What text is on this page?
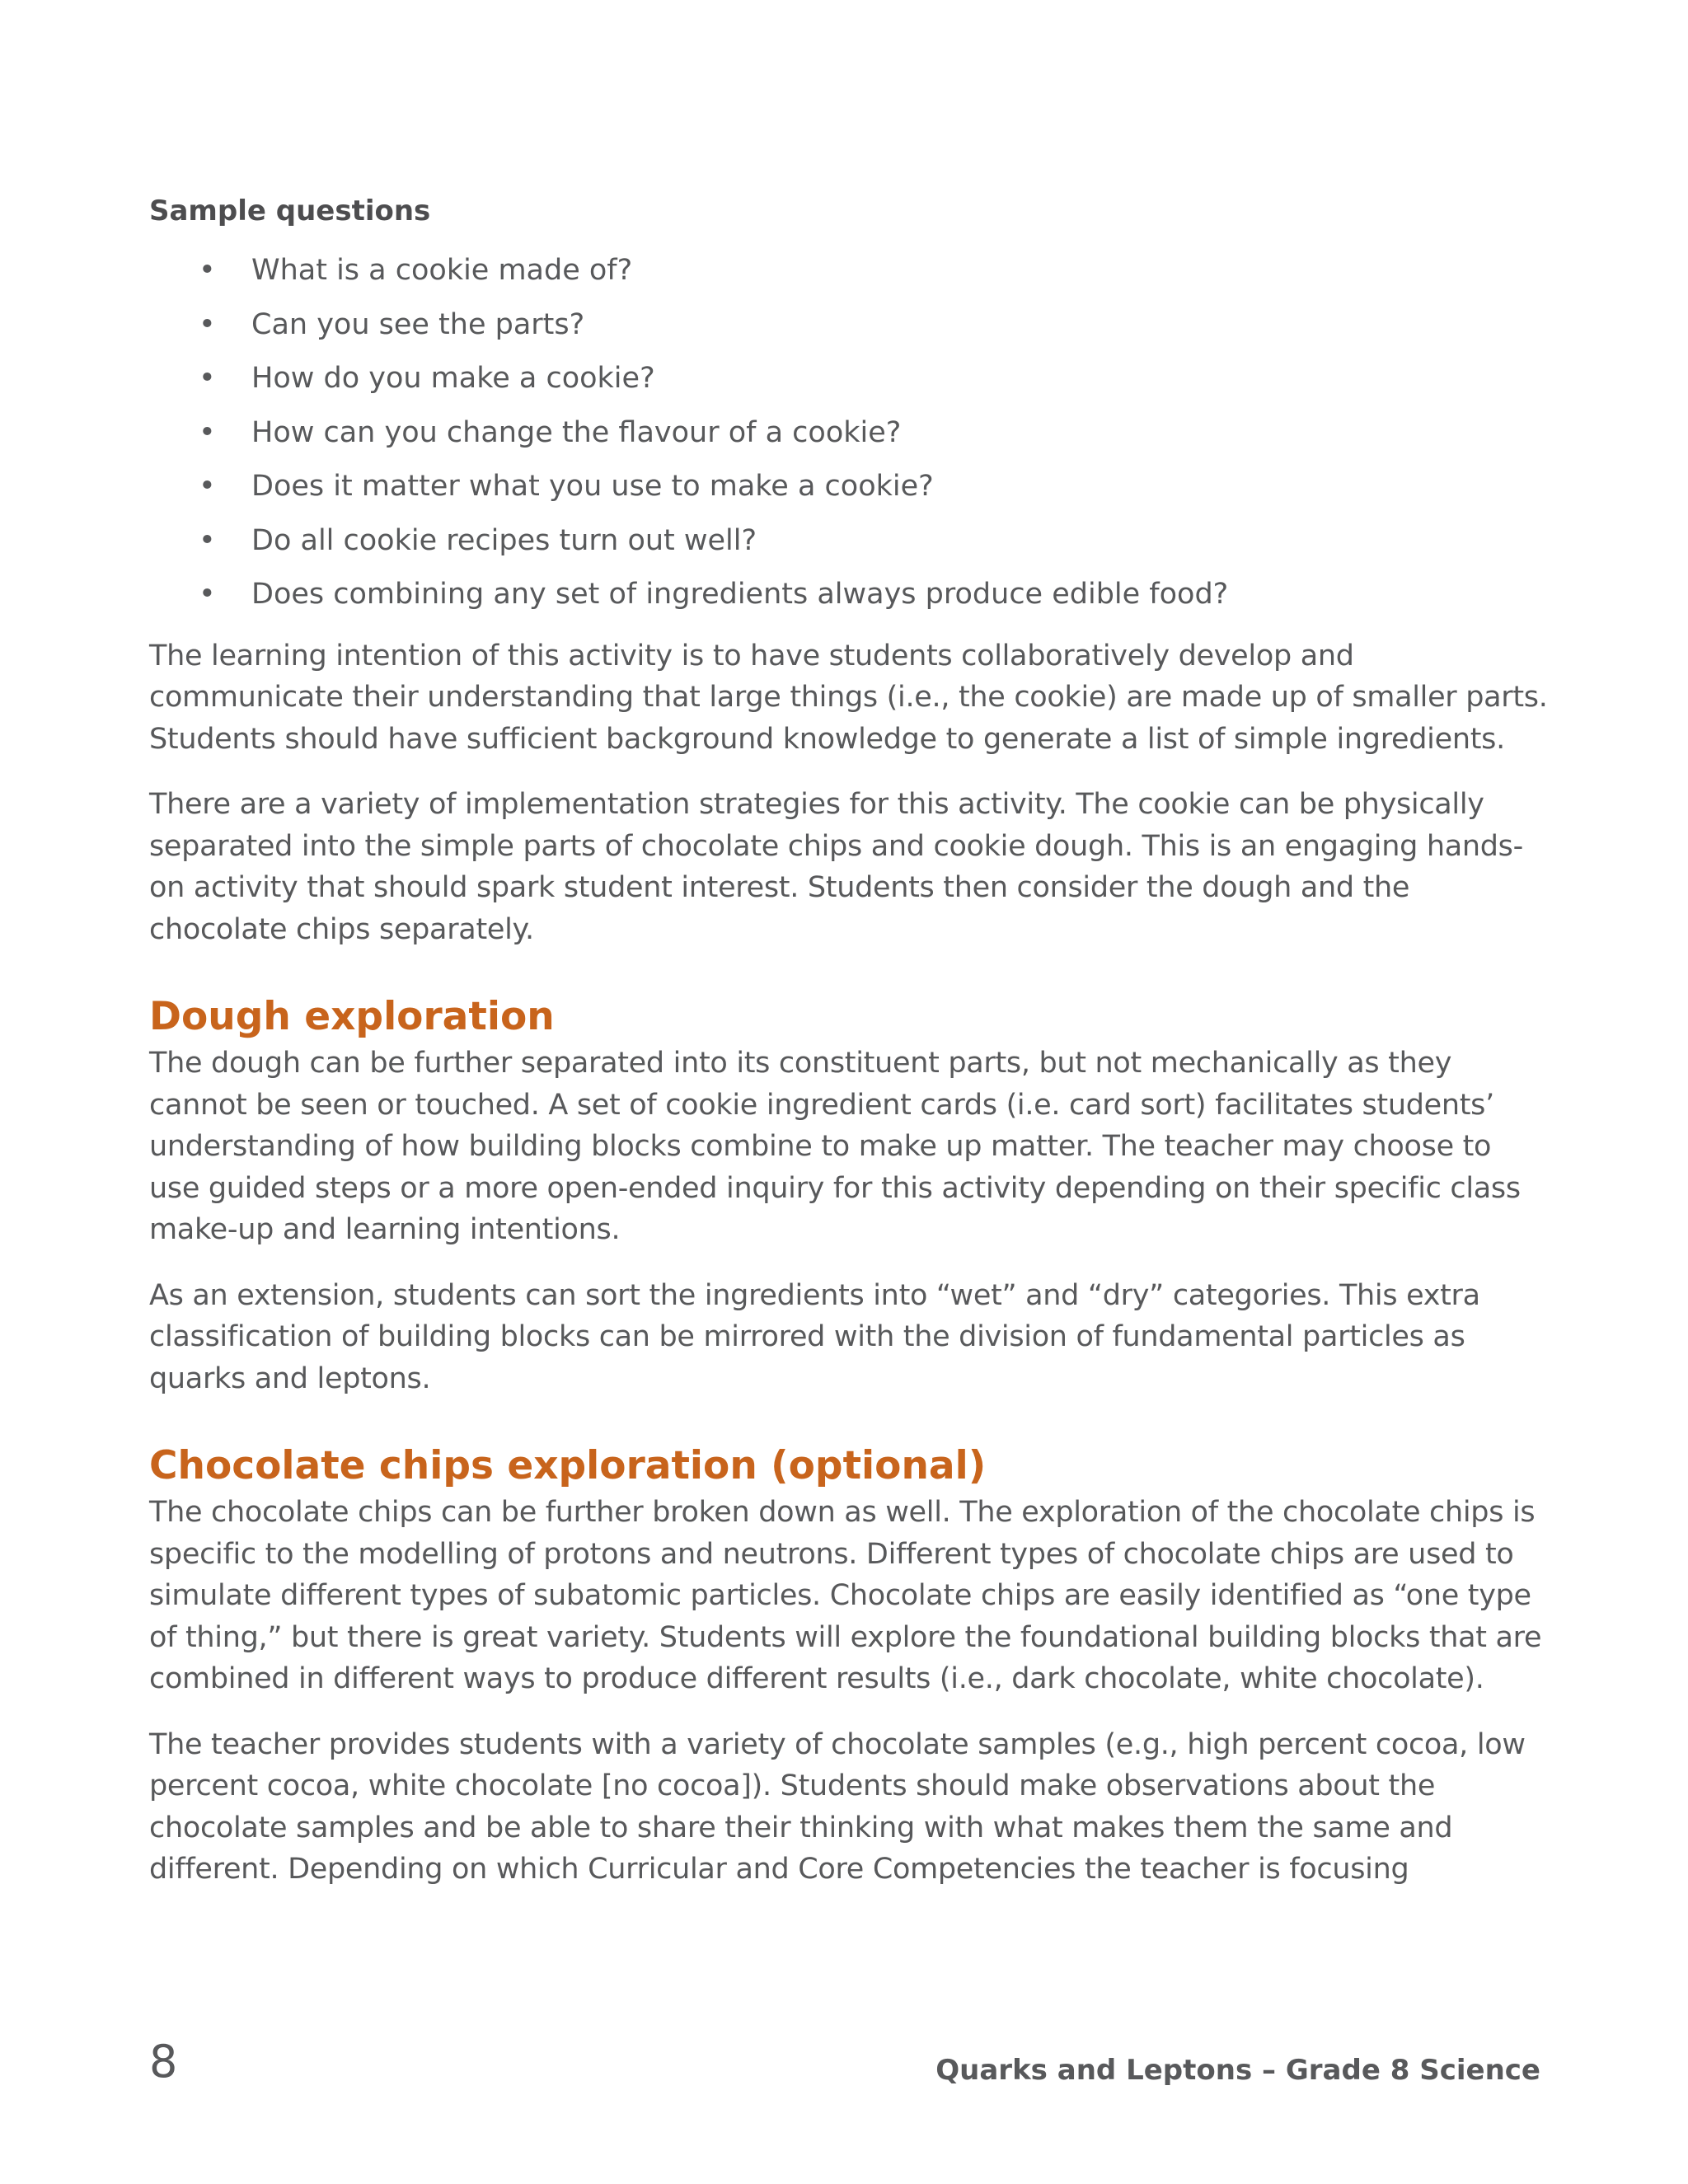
Sample questions
• What is a cookie made of?
• Can you see the parts?
• How do you make a cookie?
• How can you change the flavour of a cookie?
• Does it matter what you use to make a cookie?
• Do all cookie recipes turn out well?
• Does combining any set of ingredients always produce edible food?

The learning intention of this activity is to have students collaboratively develop and communicate their understanding that large things (i.e., the cookie) are made up of smaller parts. Students should have sufficient background knowledge to generate a list of simple ingredients.

There are a variety of implementation strategies for this activity. The cookie can be physically separated into the simple parts of chocolate chips and cookie dough. This is an engaging hands-on activity that should spark student interest. Students then consider the dough and the chocolate chips separately.

Dough exploration

The dough can be further separated into its constituent parts, but not mechanically as they cannot be seen or touched. A set of cookie ingredient cards (i.e. card sort) facilitates students’ understanding of how building blocks combine to make up matter. The teacher may choose to use guided steps or a more open-ended inquiry for this activity depending on their specific class make-up and learning intentions.

As an extension, students can sort the ingredients into “wet” and “dry” categories. This extra classification of building blocks can be mirrored with the division of fundamental particles as quarks and leptons.

Chocolate chips exploration (optional)

The chocolate chips can be further broken down as well. The exploration of the chocolate chips is specific to the modelling of protons and neutrons. Different types of chocolate chips are used to simulate different types of subatomic particles. Chocolate chips are easily identified as “one type of thing,” but there is great variety. Students will explore the foundational building blocks that are combined in different ways to produce different results (i.e., dark chocolate, white chocolate).

The teacher provides students with a variety of chocolate samples (e.g., high percent cocoa, low percent cocoa, white chocolate [no cocoa]). Students should make observations about the chocolate samples and be able to share their thinking with what makes them the same and different. Depending on which Curricular and Core Competencies the teacher is focusing

8	Quarks and Leptons – Grade 8 Science
